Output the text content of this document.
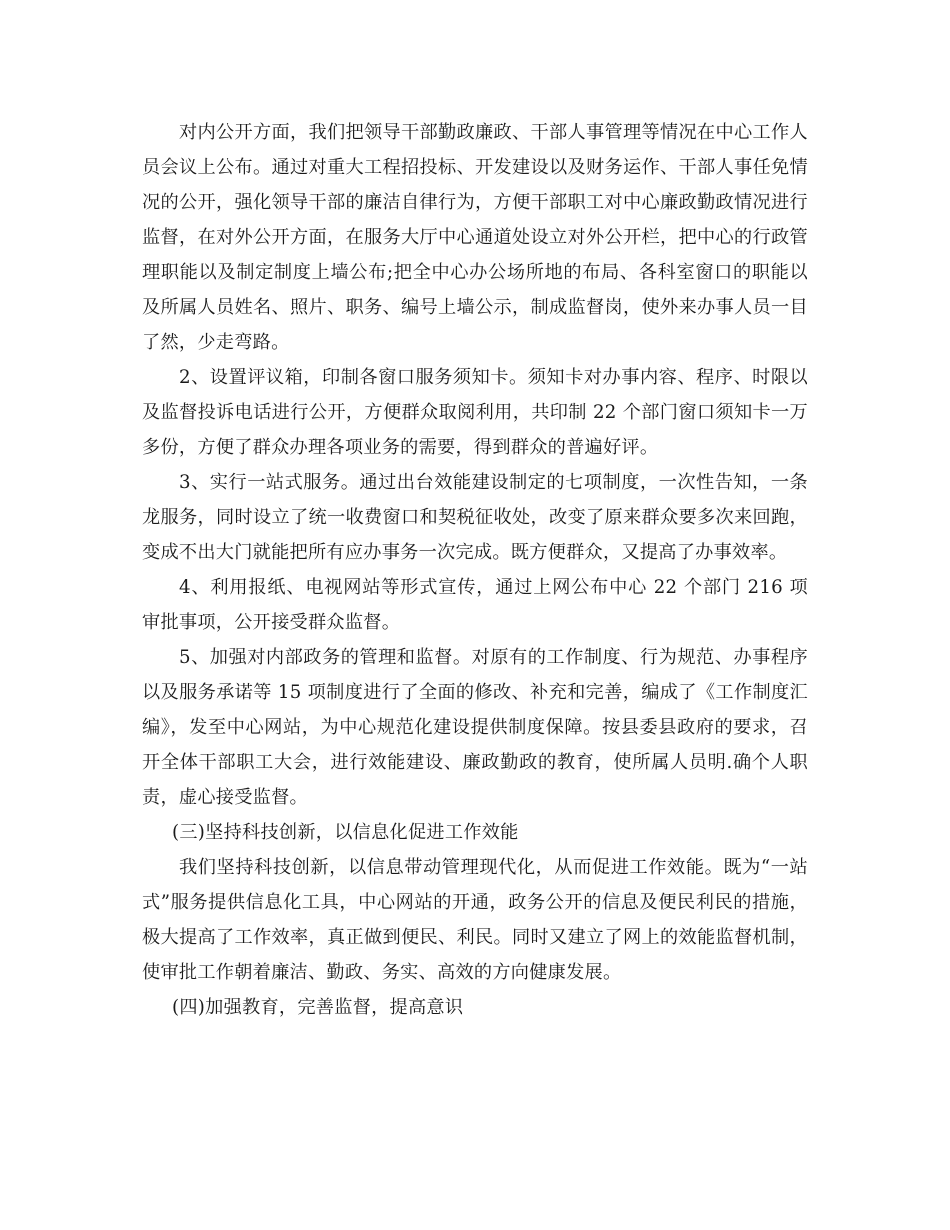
对内公开方面，我们把领导干部勤政廉政、干部人事管理等情况在中心工作人员会议上公布。通过对重大工程招投标、开发建设以及财务运作、干部人事任免情况的公开，强化领导干部的廉洁自律行为，方便干部职工对中心廉政勤政情况进行监督，在对外公开方面，在服务大厅中心通道处设立对外公开栏，把中心的行政管理职能以及制定制度上墙公布;把全中心办公场所地的布局、各科室窗口的职能以及所属人员姓名、照片、职务、编号上墙公示，制成监督岗，使外来办事人员一目了然，少走弯路。

2、设置评议箱，印制各窗口服务须知卡。须知卡对办事内容、程序、时限以及监督投诉电话进行公开，方便群众取阅利用，共印制 22 个部门窗口须知卡一万多份，方便了群众办理各项业务的需要，得到群众的普遍好评。

3、实行一站式服务。通过出台效能建设制定的七项制度，一次性告知，一条龙服务，同时设立了统一收费窗口和契税征收处，改变了原来群众要多次来回跑，变成不出大门就能把所有应办事务一次完成。既方便群众，又提高了办事效率。

4、利用报纸、电视网站等形式宣传，通过上网公布中心 22 个部门 216 项审批事项，公开接受群众监督。

5、加强对内部政务的管理和监督。对原有的工作制度、行为规范、办事程序以及服务承诺等 15 项制度进行了全面的修改、补充和完善，编成了《工作制度汇编》，发至中心网站，为中心规范化建设提供制度保障。按县委县政府的要求，召开全体干部职工大会，进行效能建设、廉政勤政的教育，使所属人员明.确个人职责，虚心接受监督。

(三)坚持科技创新，以信息化促进工作效能

我们坚持科技创新，以信息带动管理现代化，从而促进工作效能。既为“一站式”服务提供信息化工具，中心网站的开通，政务公开的信息及便民利民的措施，极大提高了工作效率，真正做到便民、利民。同时又建立了网上的效能监督机制，使审批工作朝着廉洁、勤政、务实、高效的方向健康发展。

(四)加强教育，完善监督，提高意识
